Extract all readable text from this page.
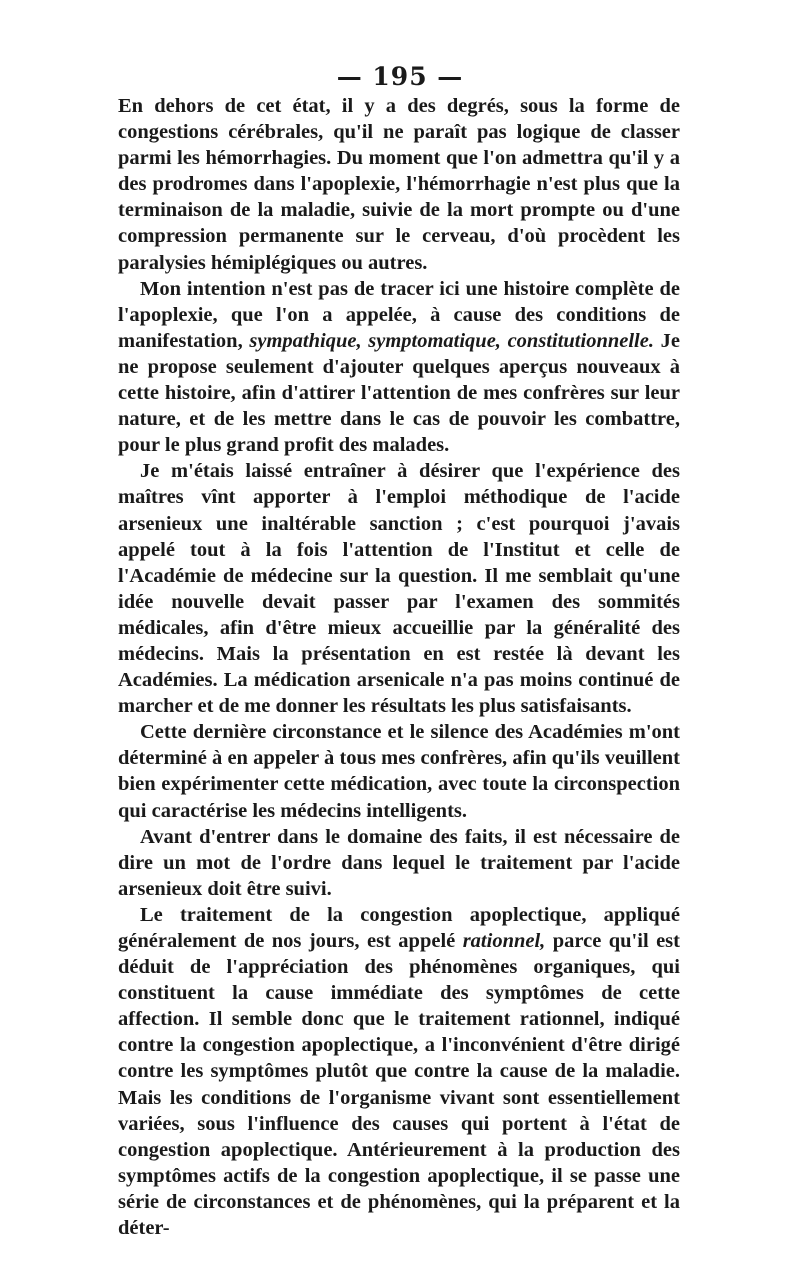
— 195 —

En dehors de cet état, il y a des degrés, sous la forme de congestions cérébrales, qu'il ne paraît pas logique de classer parmi les hémorrhagies. Du moment que l'on admettra qu'il y a des prodromes dans l'apoplexie, l'hémorrhagie n'est plus que la terminaison de la maladie, suivie de la mort prompte ou d'une compression permanente sur le cerveau, d'où procèdent les paralysies hémiplégiques ou autres.

Mon intention n'est pas de tracer ici une histoire complète de l'apoplexie, que l'on a appelée, à cause des conditions de manifestation, sympathique, symptomatique, constitutionnelle. Je ne propose seulement d'ajouter quelques aperçus nouveaux à cette histoire, afin d'attirer l'attention de mes confrères sur leur nature, et de les mettre dans le cas de pouvoir les combattre, pour le plus grand profit des malades.

Je m'étais laissé entraîner à désirer que l'expérience des maîtres vînt apporter à l'emploi méthodique de l'acide arsenieux une inaltérable sanction ; c'est pourquoi j'avais appelé tout à la fois l'attention de l'Institut et celle de l'Académie de médecine sur la question. Il me semblait qu'une idée nouvelle devait passer par l'examen des sommités médicales, afin d'être mieux accueillie par la généralité des médecins. Mais la présentation en est restée là devant les Académies. La médication arsenicale n'a pas moins continué de marcher et de me donner les résultats les plus satisfaisants.

Cette dernière circonstance et le silence des Académies m'ont déterminé à en appeler à tous mes confrères, afin qu'ils veuillent bien expérimenter cette médication, avec toute la circonspection qui caractérise les médecins intelligents.

Avant d'entrer dans le domaine des faits, il est nécessaire de dire un mot de l'ordre dans lequel le traitement par l'acide arsenieux doit être suivi.

Le traitement de la congestion apoplectique, appliqué généralement de nos jours, est appelé rationnel, parce qu'il est déduit de l'appréciation des phénomènes organiques, qui constituent la cause immédiate des symptômes de cette affection. Il semble donc que le traitement rationnel, indiqué contre la congestion apoplectique, a l'inconvénient d'être dirigé contre les symptômes plutôt que contre la cause de la maladie. Mais les conditions de l'organisme vivant sont essentiellement variées, sous l'influence des causes qui portent à l'état de congestion apoplectique. Antérieurement à la production des symptômes actifs de la congestion apoplectique, il se passe une série de circonstances et de phénomènes, qui la préparent et la déter-
